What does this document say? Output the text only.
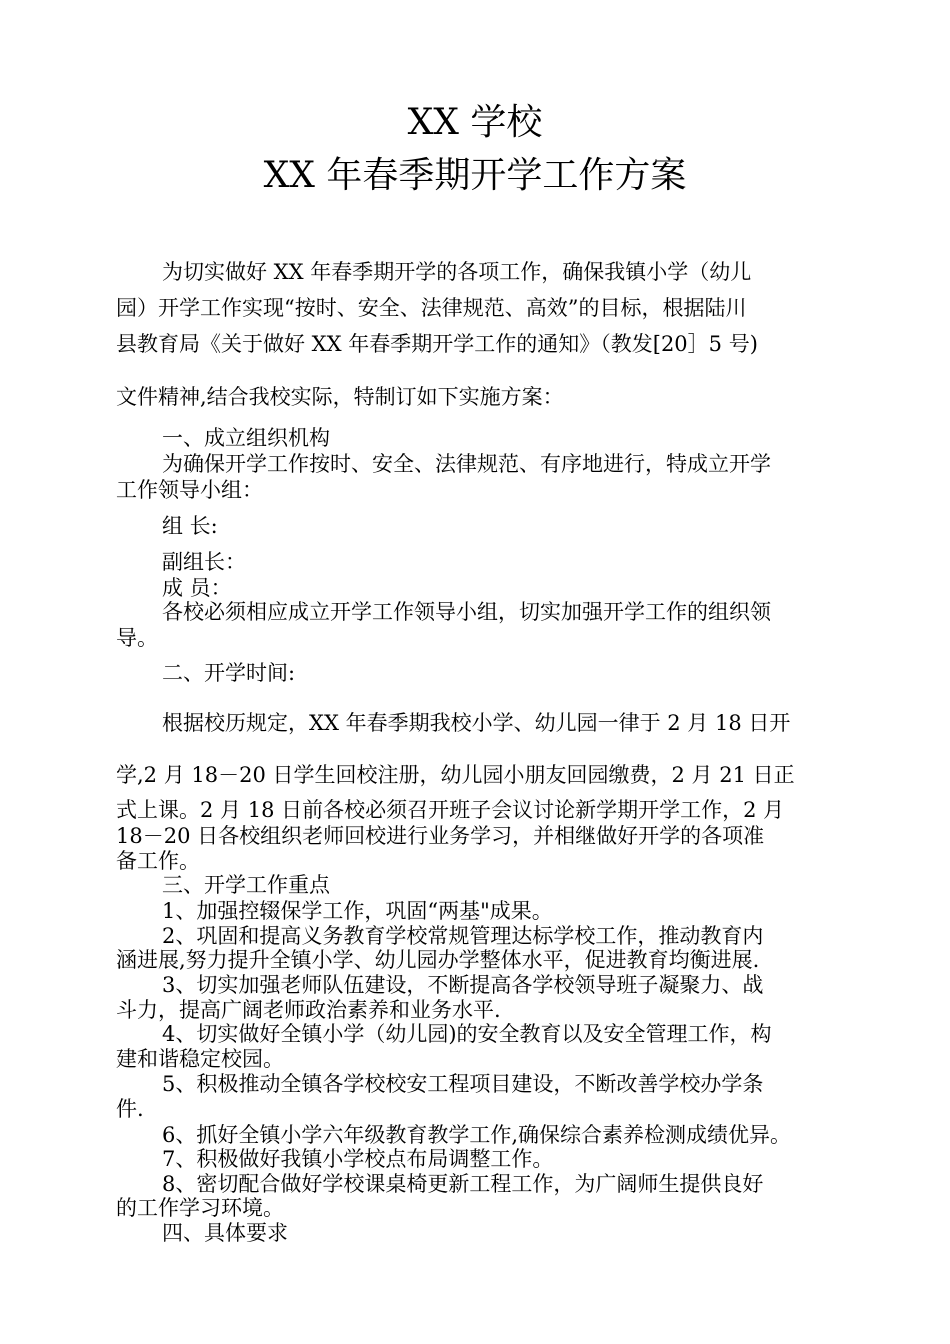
XX 学校
XX 年春季期开学工作方案
为切实做好 XX 年春季期开学的各项工作，确保我镇小学（幼儿
园）开学工作实现“按时、安全、法律规范、高效”的目标，根据陆川
县教育局《关于做好 XX 年春季期开学工作的通知》（教发[20］5 号)
文件精神,结合我校实际，特制订如下实施方案：
一、成立组织机构
为确保开学工作按时、安全、法律规范、有序地进行，特成立开学
工作领导小组：
组 长:
副组长：
成 员：
各校必须相应成立开学工作领导小组，切实加强开学工作的组织领
导。
二、开学时间:
根据校历规定，XX 年春季期我校小学、幼儿园一律于 2 月 18 日开
学,2 月 18－20 日学生回校注册，幼儿园小朋友回园缴费，2 月 21 日正
式上课。2 月 18 日前各校必须召开班子会议讨论新学期开学工作，2 月
18－20 日各校组织老师回校进行业务学习，并相继做好开学的各项准
备工作。
三、开学工作重点
1、加强控辍保学工作，巩固“两基"成果。
2、巩固和提高义务教育学校常规管理达标学校工作，推动教育内
涵进展,努力提升全镇小学、幼儿园办学整体水平，促进教育均衡进展.
3、切实加强老师队伍建设，不断提高各学校领导班子凝聚力、战
斗力，提高广阔老师政治素养和业务水平.
4、切实做好全镇小学（幼儿园)的安全教育以及安全管理工作，构
建和谐稳定校园。
5、积极推动全镇各学校校安工程项目建设，不断改善学校办学条
件.
6、抓好全镇小学六年级教育教学工作,确保综合素养检测成绩优异。
7、积极做好我镇小学校点布局调整工作。
8、密切配合做好学校课桌椅更新工程工作，为广阔师生提供良好
的工作学习环境。
四、具体要求
